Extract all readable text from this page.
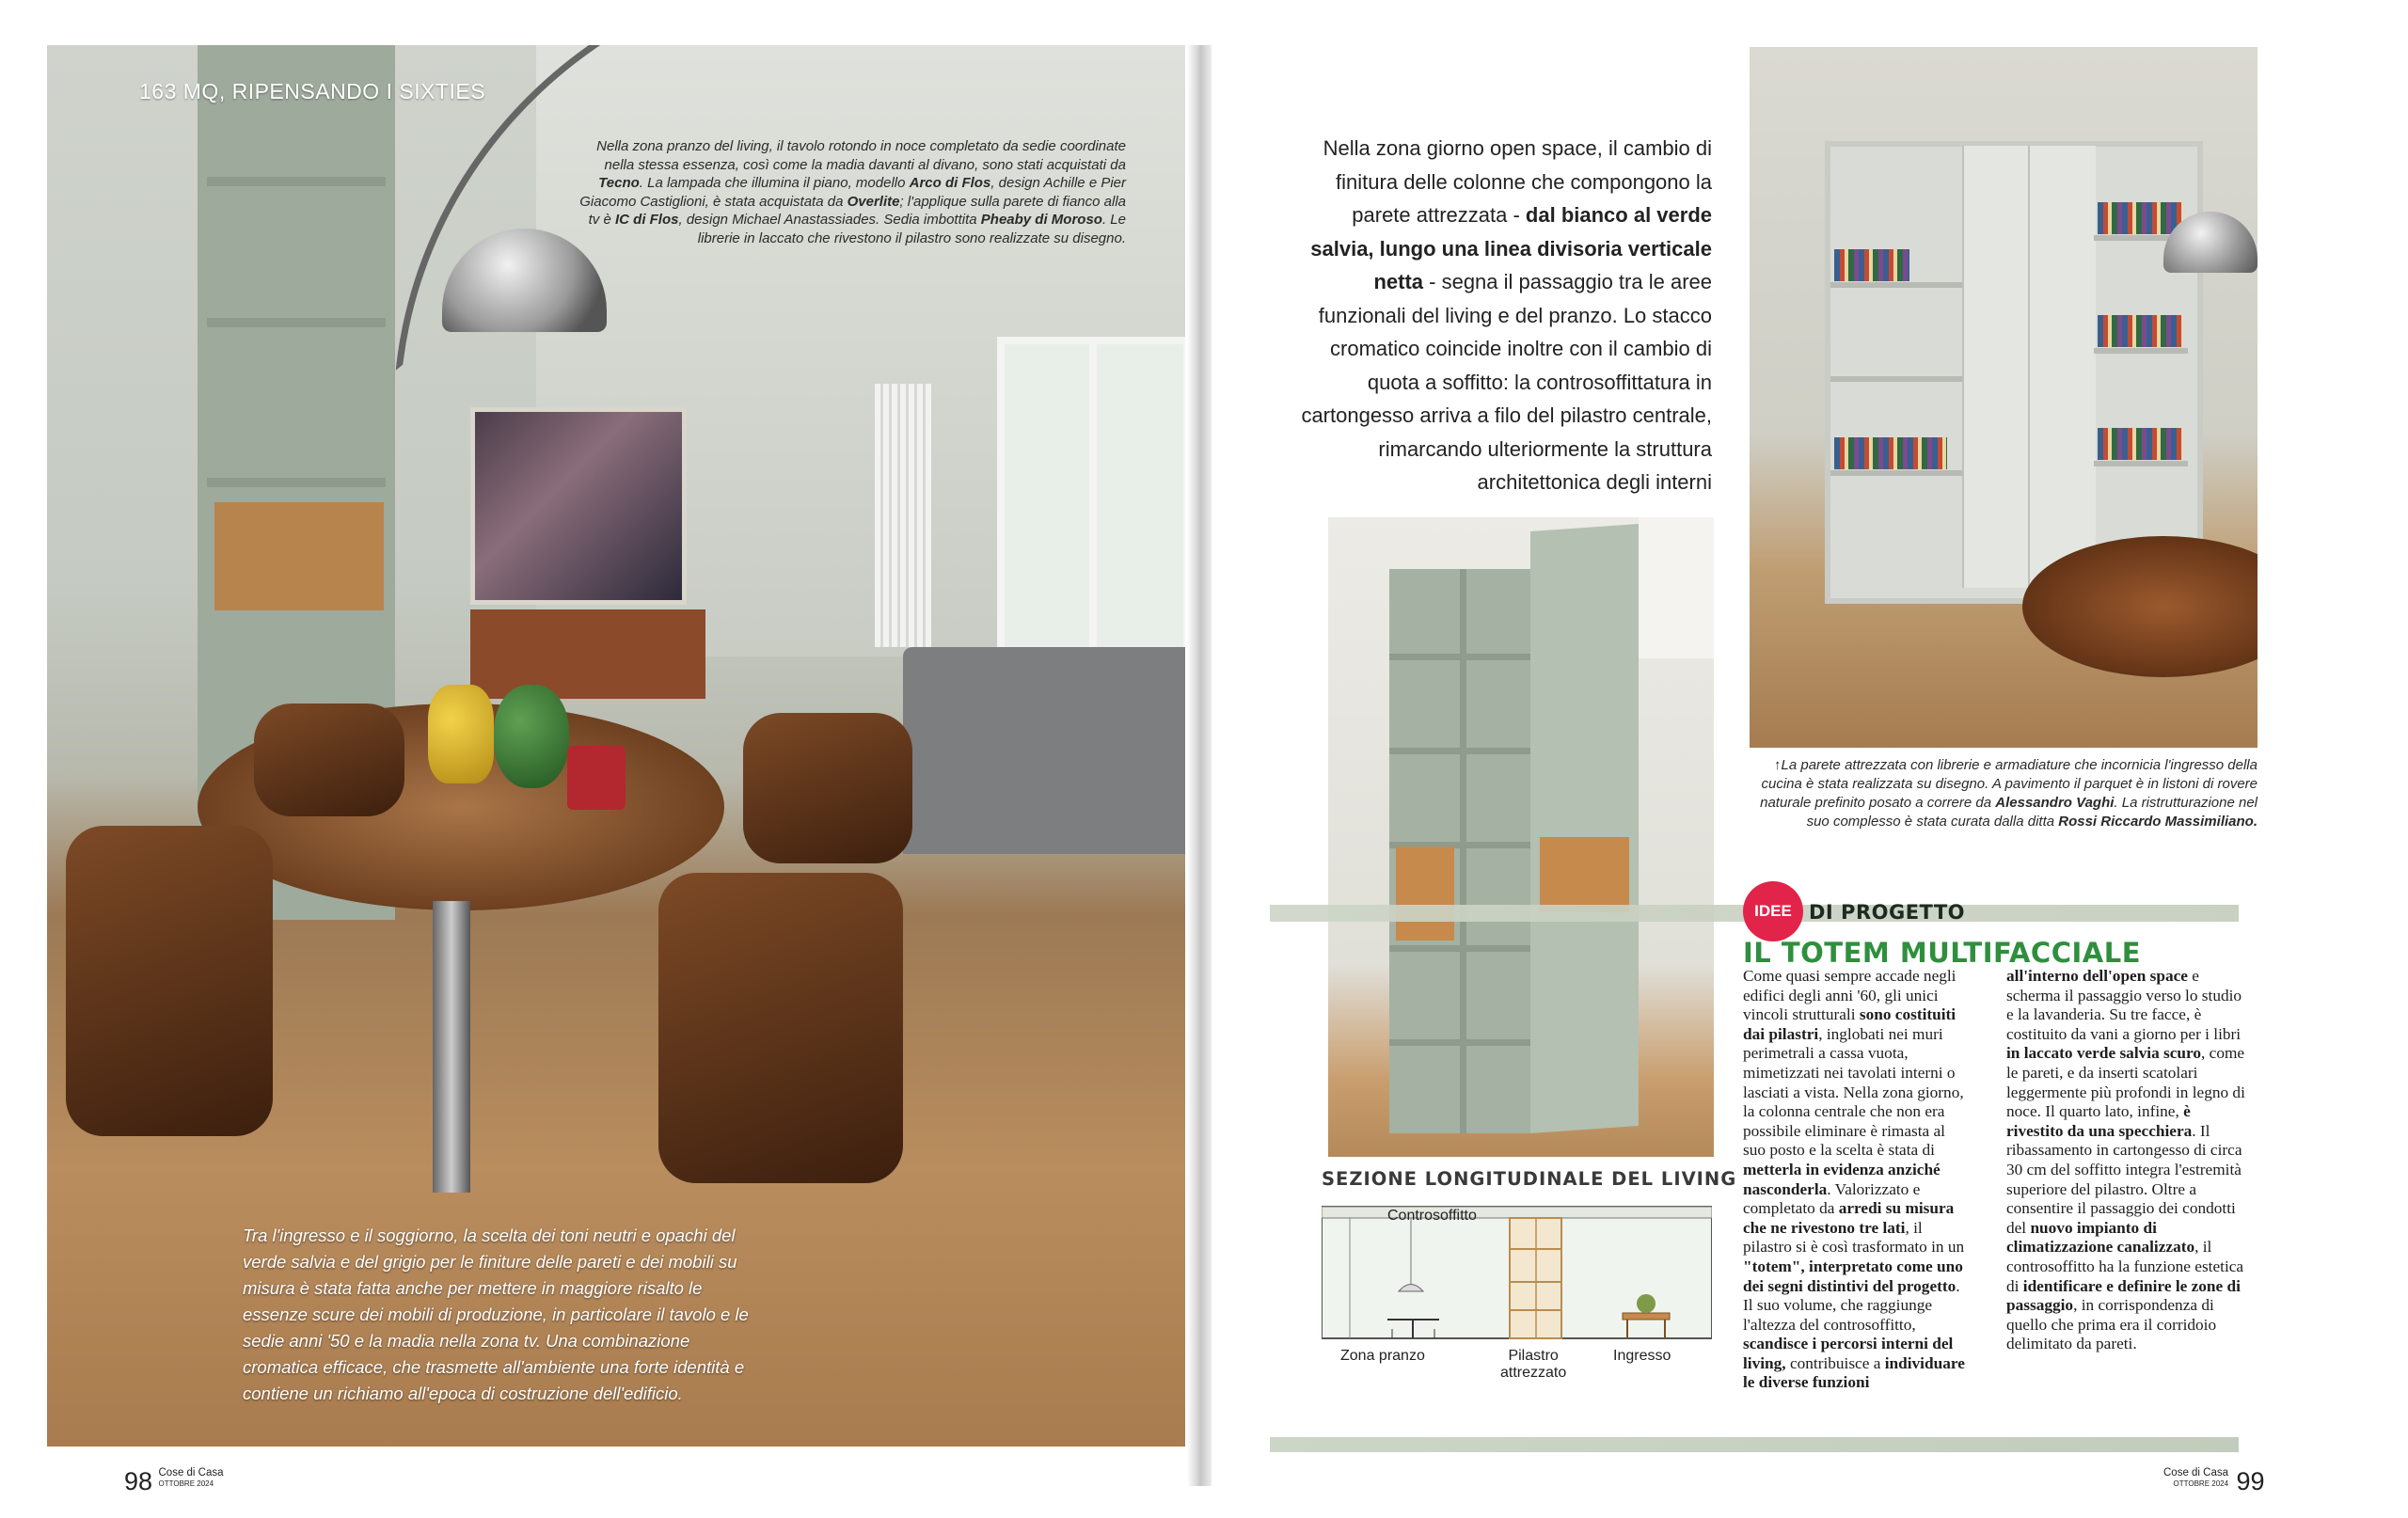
163 MQ, RIPENSANDO I SIXTIES
Nella zona pranzo del living, il tavolo rotondo in noce completato da sedie coordinate nella stessa essenza, così come la madia davanti al divano, sono stati acquistati da Tecno. La lampada che illumina il piano, modello Arco di Flos, design Achille e Pier Giacomo Castiglioni, è stata acquistata da Overlite; l'applique sulla parete di fianco alla tv è IC di Flos, design Michael Anastassiades. Sedia imbottita Pheaby di Moroso. Le librerie in laccato che rivestono il pilastro sono realizzate su disegno.
Tra l'ingresso e il soggiorno, la scelta dei toni neutri e opachi del verde salvia e del grigio per le finiture delle pareti e dei mobili su misura è stata fatta anche per mettere in maggiore risalto le essenze scure dei mobili di produzione, in particolare il tavolo e le sedie anni '50 e la madia nella zona tv. Una combinazione cromatica efficace, che trasmette all'ambiente una forte identità e contiene un richiamo all'epoca di costruzione dell'edificio.
98 Cose di Casa
OTTOBRE 2024
Nella zona giorno open space, il cambio di finitura delle colonne che compongono la parete attrezzata - dal bianco al verde salvia, lungo una linea divisoria verticale netta - segna il passaggio tra le aree funzionali del living e del pranzo. Lo stacco cromatico coincide inoltre con il cambio di quota a soffitto: la controsoffittatura in cartongesso arriva a filo del pilastro centrale, rimarcando ulteriormente la struttura architettonica degli interni
↑La parete attrezzata con librerie e armadiature che incornicia l'ingresso della cucina è stata realizzata su disegno. A pavimento il parquet è in listoni di rovere naturale prefinito posato a correre da Alessandro Vaghi. La ristrutturazione nel suo complesso è stata curata dalla ditta Rossi Riccardo Massimiliano.
IDEE DI PROGETTO
IL TOTEM MULTIFACCIALE

Come quasi sempre accade negli edifici degli anni '60, gli unici vincoli strutturali sono costituiti dai pilastri, inglobati nei muri perimetrali a cassa vuota, mimetizzati nei tavolati interni o lasciati a vista. Nella zona giorno, la colonna centrale che non era possibile eliminare è rimasta al suo posto e la scelta è stata di metterla in evidenza anziché nasconderla. Valorizzato e completato da arredi su misura che ne rivestono tre lati, il pilastro si è così trasformato in un "totem", interpretato come uno dei segni distintivi del progetto. Il suo volume, che raggiunge l'altezza del controsoffitto, scandisce i percorsi interni del living, contribuisce a individuare le diverse funzioni

all'interno dell'open space e scherma il passaggio verso lo studio e la lavanderia. Su tre facce, è costituito da vani a giorno per i libri in laccato verde salvia scuro, come le pareti, e da inserti scatolari leggermente più profondi in legno di noce. Il quarto lato, infine, è rivestito da una specchiera. Il ribassamento in cartongesso di circa 30 cm del soffitto integra l'estremità superiore del pilastro. Oltre a consentire il passaggio dei condotti del nuovo impianto di climatizzazione canalizzato, il controsoffitto ha la funzione estetica di identificare e definire le zone di passaggio, in corrispondenza di quello che prima era il corridoio delimitato da pareti.

SEZIONE LONGITUDINALE DEL LIVING
Controsoffitto
Zona pranzo	Pilastro
attrezzato
Ingresso
Cose di Casa
OTTOBRE 2024 99
